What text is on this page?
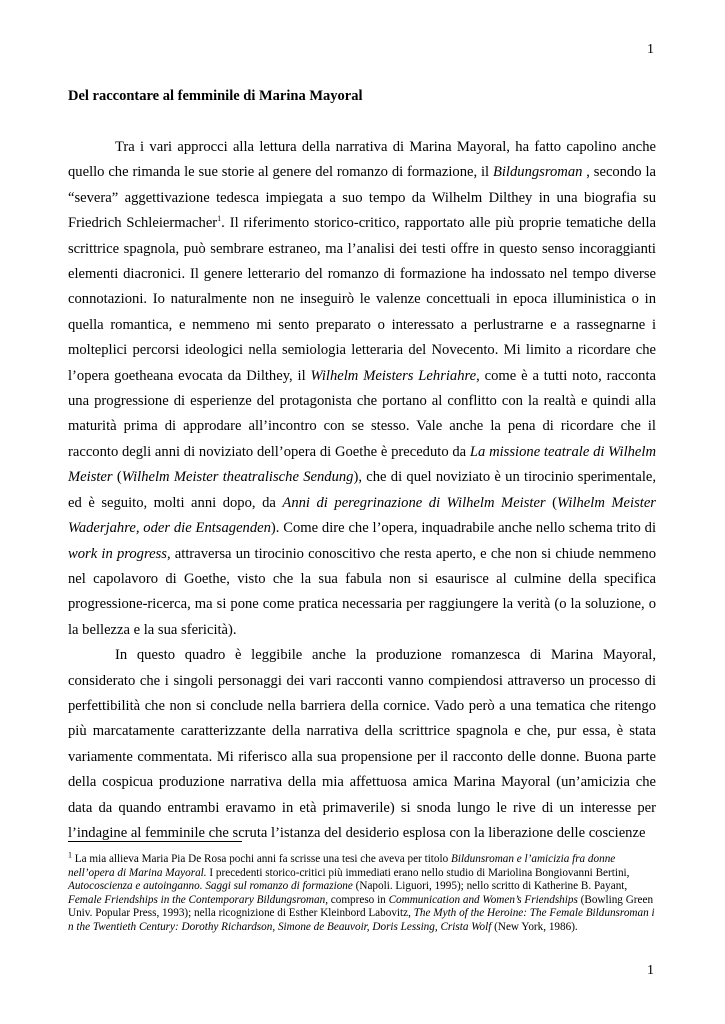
1
Del raccontare al femminile di Marina Mayoral

Tra i vari approcci alla lettura della narrativa di Marina Mayoral, ha fatto capolino anche quello che rimanda le sue storie al genere del romanzo di formazione, il Bildungsroman , secondo la “severa” aggettivazione tedesca impiegata a suo tempo da Wilhelm Dilthey in una biografia su Friedrich Schleiermacher$^1$. Il riferimento storico-critico, rapportato alle più proprie tematiche della scrittrice spagnola, può sembrare estraneo, ma l’analisi dei testi offre in questo senso incoraggianti elementi diacronici. Il genere letterario del romanzo di formazione ha indossato nel tempo diverse connotazioni. Io naturalmente non ne inseguirò le valenze concettuali in epoca illuministica o in quella romantica, e nemmeno mi sento preparato o interessato a perlustrarne e a rassegnarne i molteplici percorsi ideologici nella semiologia letteraria del Novecento. Mi limito a ricordare che l’opera goetheana evocata da Dilthey, il Wilhelm Meisters Lehriahre, come è a tutti noto, racconta una progressione di esperienze del protagonista che portano al conflitto con la realtà e quindi alla maturità prima di approdare all’incontro con se stesso. Vale anche la pena di ricordare che il racconto degli anni di noviziato dell’opera di Goethe è preceduto da La missione teatrale di Wilhelm Meister (Wilhelm Meister theatralische Sendung), che di quel noviziato è un tirocinio sperimentale, ed è seguito, molti anni dopo, da Anni di peregrinazione di Wilhelm Meister (Wilhelm Meister Waderjahre, oder die Entsagenden). Come dire che l’opera, inquadrabile anche nello schema trito di work in progress, attraversa un tirocinio conoscitivo che resta aperto, e che non si chiude nemmeno nel capolavoro di Goethe, visto che la sua fabula non si esaurisce al culmine della specifica progressione-ricerca, ma si pone come pratica necessaria per raggiungere la verità (o la soluzione, o la bellezza e la sua sfericità).

In questo quadro è leggibile anche la produzione romanzesca di Marina Mayoral, considerato che i singoli personaggi dei vari racconti vanno compiendosi attraverso un processo di perfettibilità che non si conclude nella barriera della cornice. Vado però a una tematica che ritengo più marcatamente caratterizzante della narrativa della scrittrice spagnola e che, pur essa, è stata variamente commentata. Mi riferisco alla sua propensione per il racconto delle donne. Buona parte della cospicua produzione narrativa della mia affettuosa amica Marina Mayoral (un’amicizia che data da quando entrambi eravamo in età primaverile) si snoda lungo le rive di un interesse per l’indagine al femminile che scruta l’istanza del desiderio esplosa con la liberazione delle coscienze

$^1$ La mia allieva Maria Pia De Rosa pochi anni fa scrisse una tesi che aveva per titolo Bildunsroman e l’amicizia fra donne nell’opera di Marina Mayoral. I precedenti storico-critici più immediati erano nello studio di Mariolina Bongiovanni Bertini, Autocoscienza e autoinganno. Saggi sul romanzo di formazione (Napoli. Liguori, 1995); nello scritto di Katherine B. Payant, Female Friendships in the Contemporary Bildungsroman, compreso in Communication and Women’s Friendships (Bowling Green Univ. Popular Press, 1993); nella ricognizione di Esther Kleinbord Labovitz, The Myth of the Heroine: The Female Bildunsroman i n the Twentieth Century: Dorothy Richardson, Simone de Beauvoir, Doris Lessing, Crista Wolf (New York, 1986).

1
